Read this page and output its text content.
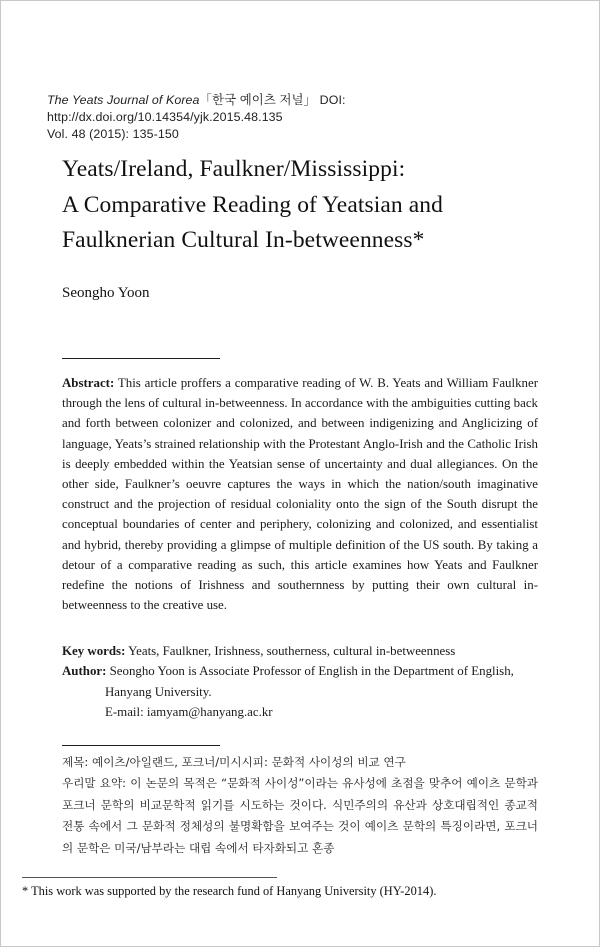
The Yeats Journal of Korea「한국 예이츠 저널」 DOI: http://dx.doi.org/10.14354/yjk.2015.48.135
Vol. 48 (2015): 135-150
Yeats/Ireland, Faulkner/Mississippi:
A Comparative Reading of Yeatsian and
Faulknerian Cultural In-betweenness*
Seongho Yoon

Abstract: This article proffers a comparative reading of W. B. Yeats and William Faulkner through the lens of cultural in-betweenness. In accordance with the ambiguities cutting back and forth between colonizer and colonized, and between indigenizing and Anglicizing of language, Yeats’s strained relationship with the Protestant Anglo-Irish and the Catholic Irish is deeply embedded within the Yeatsian sense of uncertainty and dual allegiances. On the other side, Faulkner’s oeuvre captures the ways in which the nation/south imaginative construct and the projection of residual coloniality onto the sign of the South disrupt the conceptual boundaries of center and periphery, colonizing and colonized, and essentialist and hybrid, thereby providing a glimpse of multiple definition of the US south. By taking a detour of a comparative reading as such, this article examines how Yeats and Faulkner redefine the notions of Irishness and southernness by putting their own cultural in-betweenness to the creative use.

Key words: Yeats, Faulkner, Irishness, southerness, cultural in-betweenness

Author: Seongho Yoon is Associate Professor of English in the Department of English,

Hanyang University.

E-mail: iamyam@hanyang.ac.kr

제목: 예이츠/아일랜드, 포크너/미시시피: 문화적 사이성의 비교 연구

우리말 요약: 이 논문의 목적은 “문화적 사이성”이라는 유사성에 초점을 맞추어 예이츠 문학과 포크너 문학의 비교문학적 읽기를 시도하는 것이다. 식민주의의 유산과 상호대립적인 종교적 전통 속에서 그 문화적 정체성의 불명확함을 보여주는 것이 예이츠 문학의 특징이라면, 포크너의 문학은 미국/남부라는 대립 속에서 타자화되고 혼종

* This work was supported by the research fund of Hanyang University (HY-2014).
